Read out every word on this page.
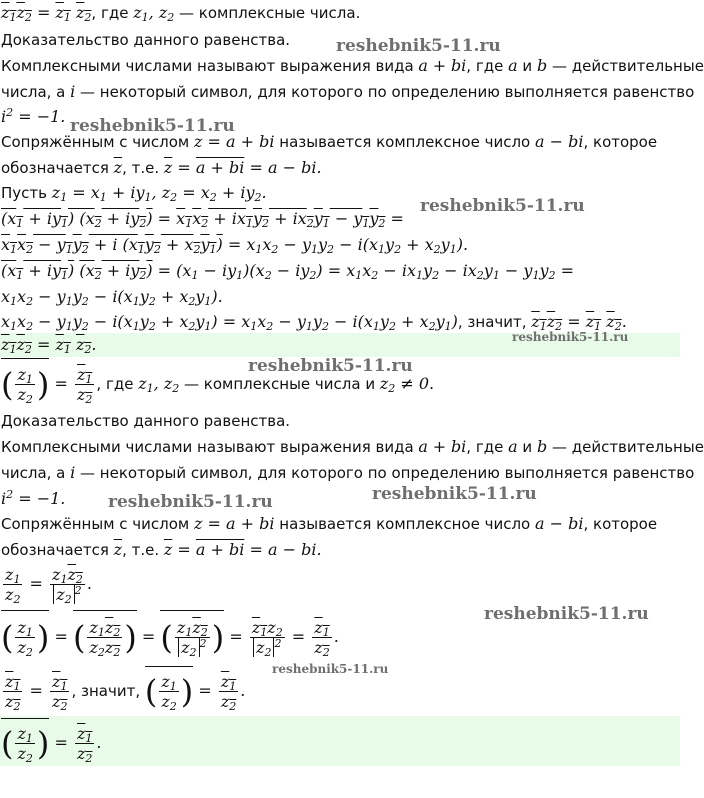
$z_1z_2 = z_1$ $z_2$, где $z_1$, $z_2$ — комплексные числа.
Доказательство данного равенства.
Комплексными числами называют выражения вида a + bi, где a и b — действительные
числа, а i — некоторый символ, для которого по определению выполняется равенство
$i^2 = -1$.
Сопряжённым с числом z = a + bi называется комплексное число a − bi, которое
обозначается $\overline{z}$, т.е. $\overline{z} = a$ + bi = a − bi.
Пусть $z_1 = x_1 + iy_1$, $z_2 = x_2 + iy_2$.
$(x_1 + iy_1) (x_2 + iy_2) = x_1x_2 + ix_1y_2 + ix_2y_1 - y_1y_2$ =
$x_1x_2 - y_1y_2 + i$ $(x_1y_2 + x_2y_1) = x_1x_2 - y_1y_2 - i(x_1y_2 + x_2y_1)$.
$(x_1 + iy_1) (x_2 + iy_2) = (x_1 - iy_1)(x_2 - iy_2) = x_1x_2 - ix_1y_2 - ix_2y_1 - y_1y_2$ =
$x_1x_2 - y_1y_2 - i(x_1y_2 + x_2y_1)$.
$x_1x_2 - y_1y_2 - i(x_1y_2 + x_2y_1) = x_1x_2 - y_1y_2 - i(x_1y_2 + x_2y_1)$, значит, $z_1z_2 = z_1$ $z_2$.
$z_1z_2 = z_1$ $z_2$.
( $\frac{z_1}{z_2}$ ) = $\frac{z_1}{z_2}$ , где $z_1$, $z_2$ — комплексные числа и $z_2 \ne 0$.
Доказательство данного равенства.
Комплексными числами называют выражения вида a + bi, где a и b — действительные
числа, а i — некоторый символ, для которого по определению выполняется равенство
$i^2 = -1$.
Сопряжённым с числом z = a + bi называется комплексное число a − bi, которое
обозначается $\overline{z}$, т.е. $\overline{z} = a$ + bi = a − bi.
$\frac{z_1}{z_2} = \frac{z_1z_2}{z_2^2}$ .
( $\frac{z_1}{z_2}$ ) = ( $\frac{z_1z_2}{z_2z_2}$ ) = ( $\frac{z_1z_2}{z_2^2}$ ) = $\frac{z_1z_2}{z_2^2} = \frac{z_1}{z_2}$ .
$\frac{z_1}{z_2} = \frac{z_1}{z_2}$ , значит, ( $\frac{z_1}{z_2}$ ) = $\frac{z_1}{z_2}$ .
( $\frac{z_1}{z_2}$ ) = $\frac{z_1}{z_2}$ .
reshebnik5-11.ru
reshebnik5-11.ru
reshebnik5-11.ru
reshebnik5-11.ru
reshebnik5-11.ru
reshebnik5-11.ru
reshebnik5-11.ru
reshebnik5-11.ru
reshebnik5-11.ru
